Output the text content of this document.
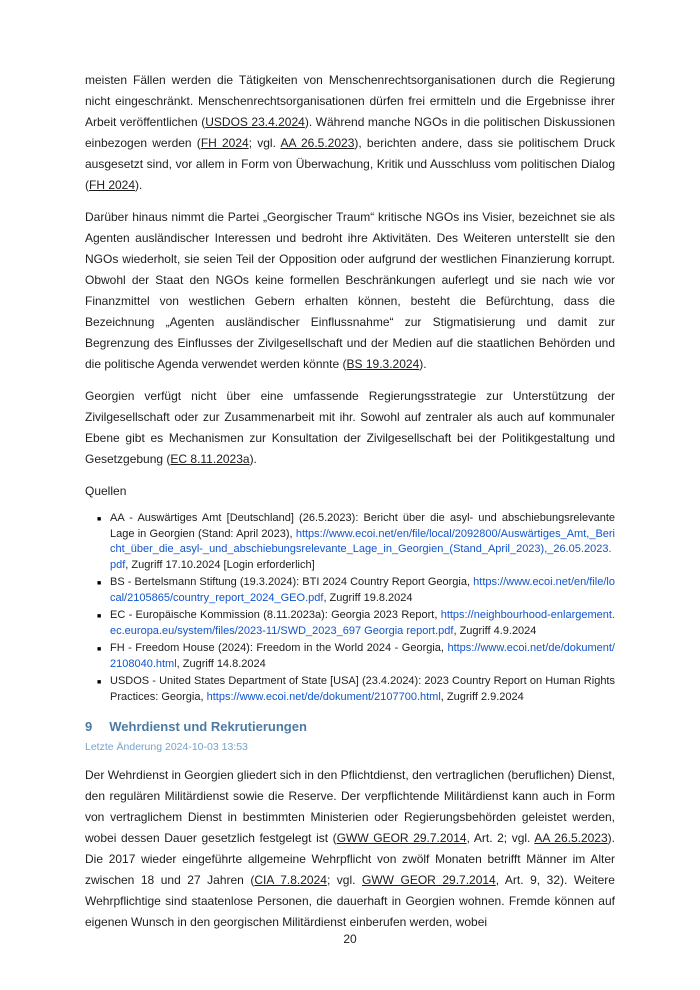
meisten Fällen werden die Tätigkeiten von Menschenrechtsorganisationen durch die Regierung nicht eingeschränkt. Menschenrechtsorganisationen dürfen frei ermitteln und die Ergebnisse ihrer Arbeit veröffentlichen (USDOS 23.4.2024). Während manche NGOs in die politischen Diskussionen einbezogen werden (FH 2024; vgl. AA 26.5.2023), berichten andere, dass sie politischem Druck ausgesetzt sind, vor allem in Form von Überwachung, Kritik und Ausschluss vom politischen Dialog (FH 2024).

Darüber hinaus nimmt die Partei „Georgischer Traum“ kritische NGOs ins Visier, bezeichnet sie als Agenten ausländischer Interessen und bedroht ihre Aktivitäten. Des Weiteren unterstellt sie den NGOs wiederholt, sie seien Teil der Opposition oder aufgrund der westlichen Finanzierung korrupt. Obwohl der Staat den NGOs keine formellen Beschränkungen auferlegt und sie nach wie vor Finanzmittel von westlichen Gebern erhalten können, besteht die Befürchtung, dass die Bezeichnung „Agenten ausländischer Einflussnahme“ zur Stigmatisierung und damit zur Begrenzung des Einflusses der Zivilgesellschaft und der Medien auf die staatlichen Behörden und die politische Agenda verwendet werden könnte (BS 19.3.2024).

Georgien verfügt nicht über eine umfassende Regierungsstrategie zur Unterstützung der Zivilgesellschaft oder zur Zusammenarbeit mit ihr. Sowohl auf zentraler als auch auf kommunaler Ebene gibt es Mechanismen zur Konsultation der Zivilgesellschaft bei der Politikgestaltung und Gesetzgebung (EC 8.11.2023a).

Quellen

■ AA - Auswärtiges Amt [Deutschland] (26.5.2023): Bericht über die asyl- und abschiebungsrelevante Lage in Georgien (Stand: April 2023), https://www.ecoi.net/en/file/local/2092800/Auswärtiges_Amt,_Bericht_über_die_asyl-_und_abschiebungsrelevante_Lage_in_Georgien_(Stand_April_2023),_26.05.2023.pdf, Zugriff 17.10.2024 [Login erforderlich]
■ BS - Bertelsmann Stiftung (19.3.2024): BTI 2024 Country Report Georgia, https://www.ecoi.net/en/file/local/2105865/country_report_2024_GEO.pdf, Zugriff 19.8.2024
■ EC - Europäische Kommission (8.11.2023a): Georgia 2023 Report, https://neighbourhood-enlargement.ec.europa.eu/system/files/2023-11/SWD_2023_697 Georgia report.pdf, Zugriff 4.9.2024
■ FH - Freedom House (2024): Freedom in the World 2024 - Georgia, https://www.ecoi.net/de/dokument/2108040.html, Zugriff 14.8.2024
■ USDOS - United States Department of State [USA] (23.4.2024): 2023 Country Report on Human Rights Practices: Georgia, https://www.ecoi.net/de/dokument/2107700.html, Zugriff 2.9.2024
9 Wehrdienst und Rekrutierungen
Letzte Änderung 2024-10-03 13:53

Der Wehrdienst in Georgien gliedert sich in den Pflichtdienst, den vertraglichen (beruflichen) Dienst, den regulären Militärdienst sowie die Reserve. Der verpflichtende Militärdienst kann auch in Form von vertraglichem Dienst in bestimmten Ministerien oder Regierungsbehörden geleistet werden, wobei dessen Dauer gesetzlich festgelegt ist (GWW GEOR 29.7.2014, Art. 2; vgl. AA 26.5.2023). Die 2017 wieder eingeführte allgemeine Wehrpflicht von zwölf Monaten betrifft Männer im Alter zwischen 18 und 27 Jahren (CIA 7.8.2024; vgl. GWW GEOR 29.7.2014, Art. 9, 32). Weitere Wehrpflichtige sind staatenlose Personen, die dauerhaft in Georgien wohnen. Fremde können auf eigenen Wunsch in den georgischen Militärdienst einberufen werden, wobei

20
